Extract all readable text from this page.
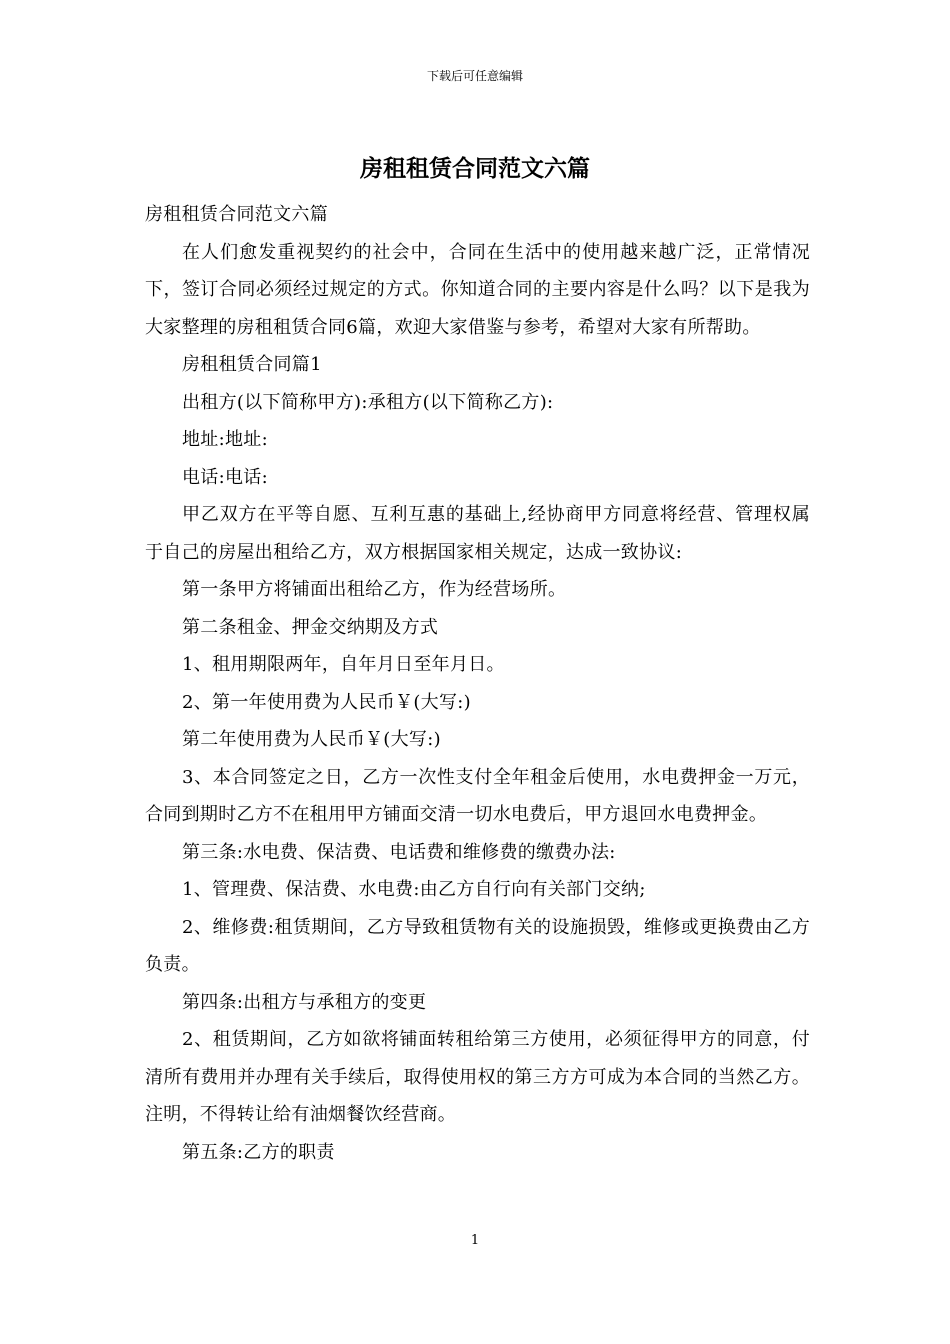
下载后可任意编辑
房租租赁合同范文六篇

房租租赁合同范文六篇

在人们愈发重视契约的社会中，合同在生活中的使用越来越广泛，正常情况下，签订合同必须经过规定的方式。你知道合同的主要内容是什么吗？以下是我为大家整理的房租租赁合同6篇，欢迎大家借鉴与参考，希望对大家有所帮助。

房租租赁合同篇1

出租方(以下简称甲方):承租方(以下简称乙方):

地址:地址:

电话:电话:

甲乙双方在平等自愿、互利互惠的基础上,经协商甲方同意将经营、管理权属于自己的房屋出租给乙方，双方根据国家相关规定，达成一致协议:

第一条甲方将铺面出租给乙方，作为经营场所。

第二条租金、押金交纳期及方式

1、租用期限两年，自年月日至年月日。

2、第一年使用费为人民币￥(大写:)

第二年使用费为人民币￥(大写:)

3、本合同签定之日，乙方一次性支付全年租金后使用，水电费押金一万元，合同到期时乙方不在租用甲方铺面交清一切水电费后，甲方退回水电费押金。

第三条:水电费、保洁费、电话费和维修费的缴费办法:

1、管理费、保洁费、水电费:由乙方自行向有关部门交纳;

2、维修费:租赁期间，乙方导致租赁物有关的设施损毁，维修或更换费由乙方负责。

第四条:出租方与承租方的变更

2、租赁期间，乙方如欲将铺面转租给第三方使用，必须征得甲方的同意，付清所有费用并办理有关手续后，取得使用权的第三方方可成为本合同的当然乙方。注明，不得转让给有油烟餐饮经营商。

第五条:乙方的职责

1
